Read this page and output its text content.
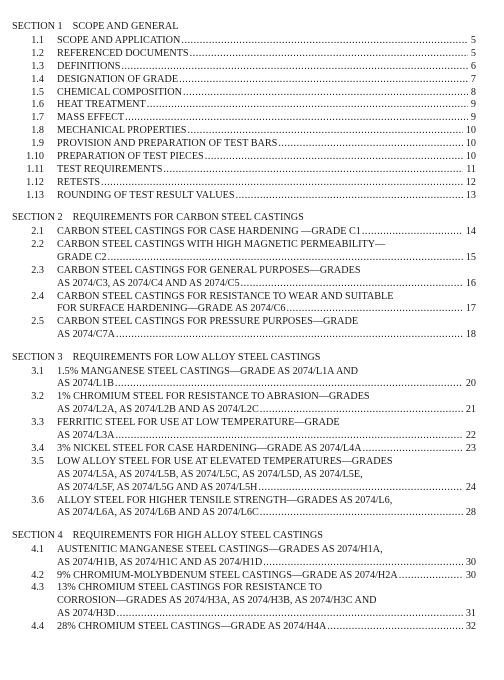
SECTION 1 SCOPE AND GENERAL
1.1 SCOPE AND APPLICATION .....	5
1.2 REFERENCED DOCUMENTS .....	5
1.3 DEFINITIONS .....	6
1.4 DESIGNATION OF GRADE .....	7
1.5 CHEMICAL COMPOSITION .....	8
1.6 HEAT TREATMENT .....	9
1.7 MASS EFFECT .....	9
1.8 MECHANICAL PROPERTIES .....	10
1.9 PROVISION AND PREPARATION OF TEST BARS .....	10
1.10 PREPARATION OF TEST PIECES .....	10
1.11 TEST REQUIREMENTS .....	11
1.12 RETESTS .....	12
1.13 ROUNDING OF TEST RESULT VALUES .....	13
SECTION 2 REQUIREMENTS FOR CARBON STEEL CASTINGS
2.1 CARBON STEEL CASTINGS FOR CASE HARDENING —GRADE C1 .....	14
2.2 CARBON STEEL CASTINGS WITH HIGH MAGNETIC PERMEABILITY—
GRADE C2 .....	15
2.3 CARBON STEEL CASTINGS FOR GENERAL PURPOSES—GRADES
AS 2074/C3, AS 2074/C4 AND AS 2074/C5 .....	16
2.4 CARBON STEEL CASTINGS FOR RESISTANCE TO WEAR AND SUITABLE
FOR SURFACE HARDENING—GRADE AS 2074/C6 .....	17
2.5 CARBON STEEL CASTINGS FOR PRESSURE PURPOSES—GRADE
AS 2074/C7A .....	18
SECTION 3 REQUIREMENTS FOR LOW ALLOY STEEL CASTINGS
3.1 1.5% MANGANESE STEEL CASTINGS—GRADE AS 2074/L1A AND
AS 2074/L1B .....	20
3.2 1% CHROMIUM STEEL FOR RESISTANCE TO ABRASION—GRADES
AS 2074/L2A, AS 2074/L2B AND AS 2074/L2C .....	21
3.3 FERRITIC STEEL FOR USE AT LOW TEMPERATURE—GRADE
AS 2074/L3A .....	22
3.4 3% NICKEL STEEL FOR CASE HARDENING—GRADE AS 2074/L4A .....	23
3.5 LOW ALLOY STEEL FOR USE AT ELEVATED TEMPERATURES—GRADES
AS 2074/L5A, AS 2074/L5B, AS 2074/L5C, AS 2074/L5D, AS 2074/L5E,
AS 2074/L5F, AS 2074/L5G AND AS 2074/L5H .....	24
3.6 ALLOY STEEL FOR HIGHER TENSILE STRENGTH—GRADES AS 2074/L6,
AS 2074/L6A, AS 2074/L6B AND AS 2074/L6C .....	28
SECTION 4 REQUIREMENTS FOR HIGH ALLOY STEEL CASTINGS
4.1 AUSTENITIC MANGANESE STEEL CASTINGS—GRADES AS 2074/H1A,
AS 2074/H1B, AS 2074/H1C AND AS 2074/H1D .....	30
4.2 9% CHROMIUM-MOLYBDENUM STEEL CASTINGS—GRADE AS 2074/H2A .....	30
4.3 13% CHROMIUM STEEL CASTINGS FOR RESISTANCE TO
CORROSION—GRADES AS 2074/H3A, AS 2074/H3B, AS 2074/H3C AND
AS 2074/H3D .....	31
4.4 28% CHROMIUM STEEL CASTINGS—GRADE AS 2074/H4A .....	32
